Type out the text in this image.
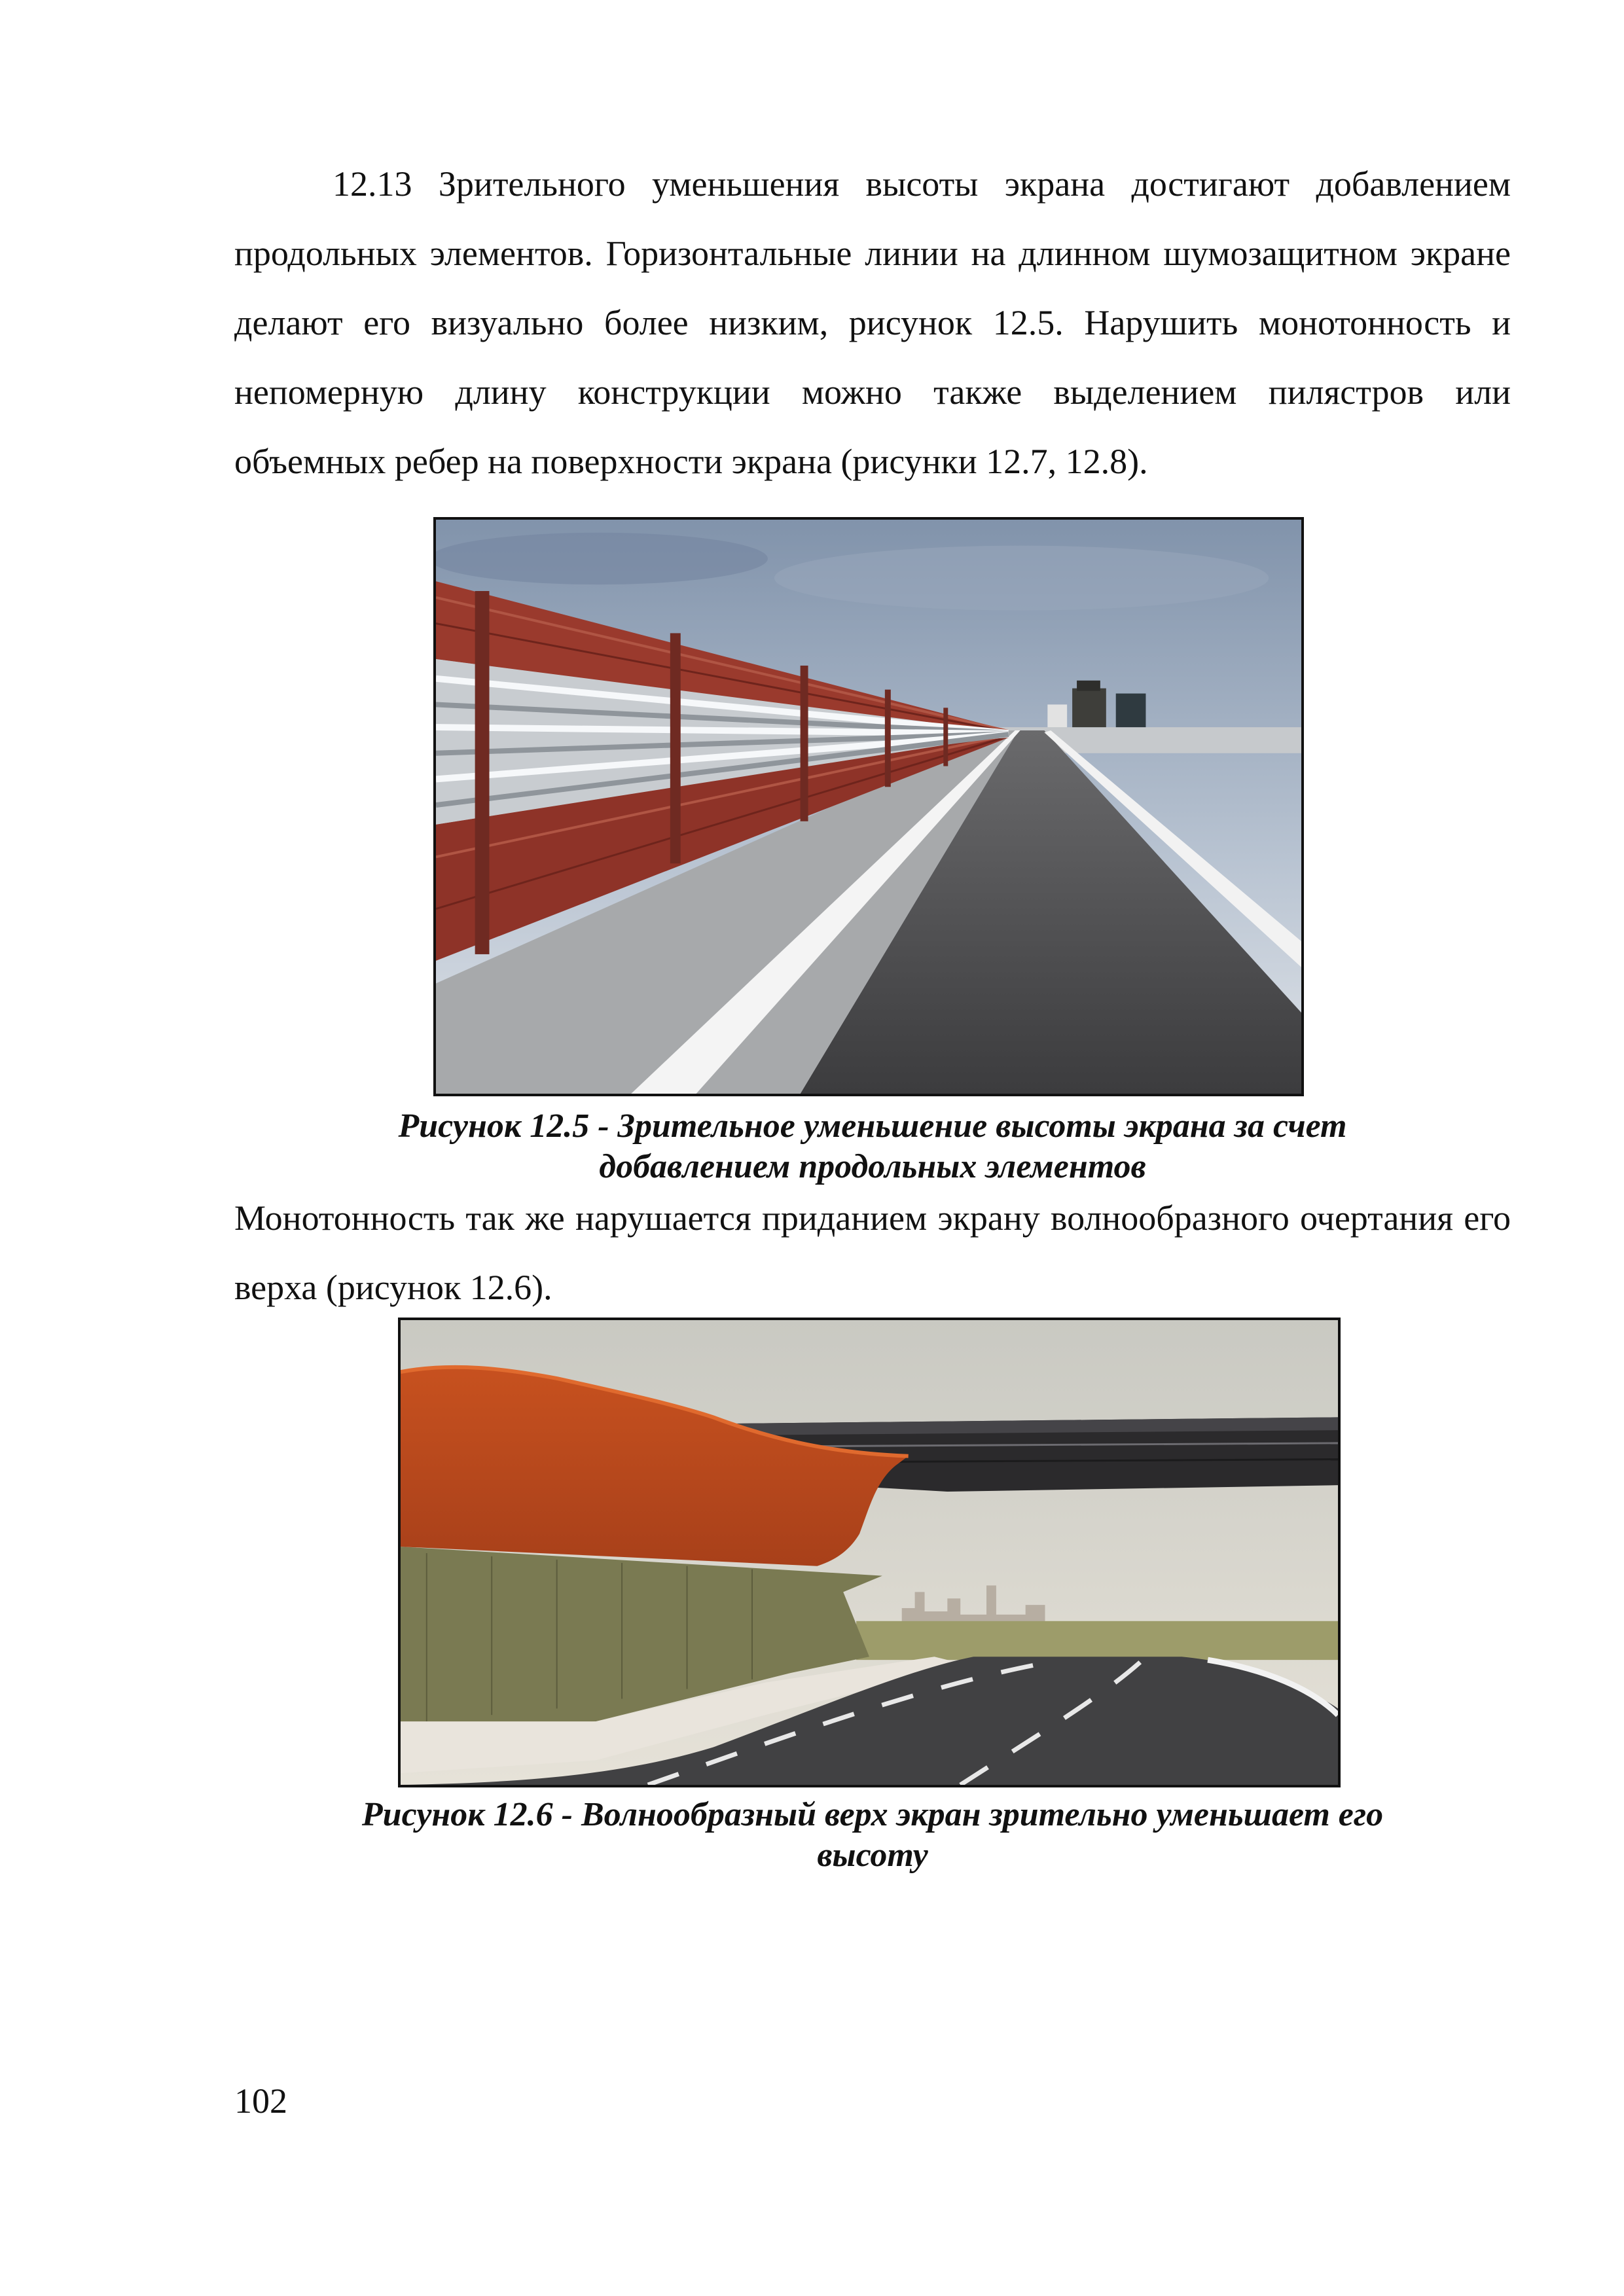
12.13 Зрительного уменьшения высоты экрана достигают добавлением продольных элементов. Горизонтальные линии на длинном шумозащитном экране делают его визуально более низким, рисунок 12.5. Нарушить монотонность и непомерную длину конструкции можно также выделением пилястров или объемных ребер на поверхности экрана (рисунки 12.7, 12.8).

Рисунок 12.5 - Зрительное уменьшение высоты экрана за счет
добавлением продольных элементов

Монотонность так же нарушается приданием экрану волнообразного очертания его верха (рисунок 12.6).

Рисунок 12.6 - Волнообразный верх экран зрительно уменьшает его
высоту
102
